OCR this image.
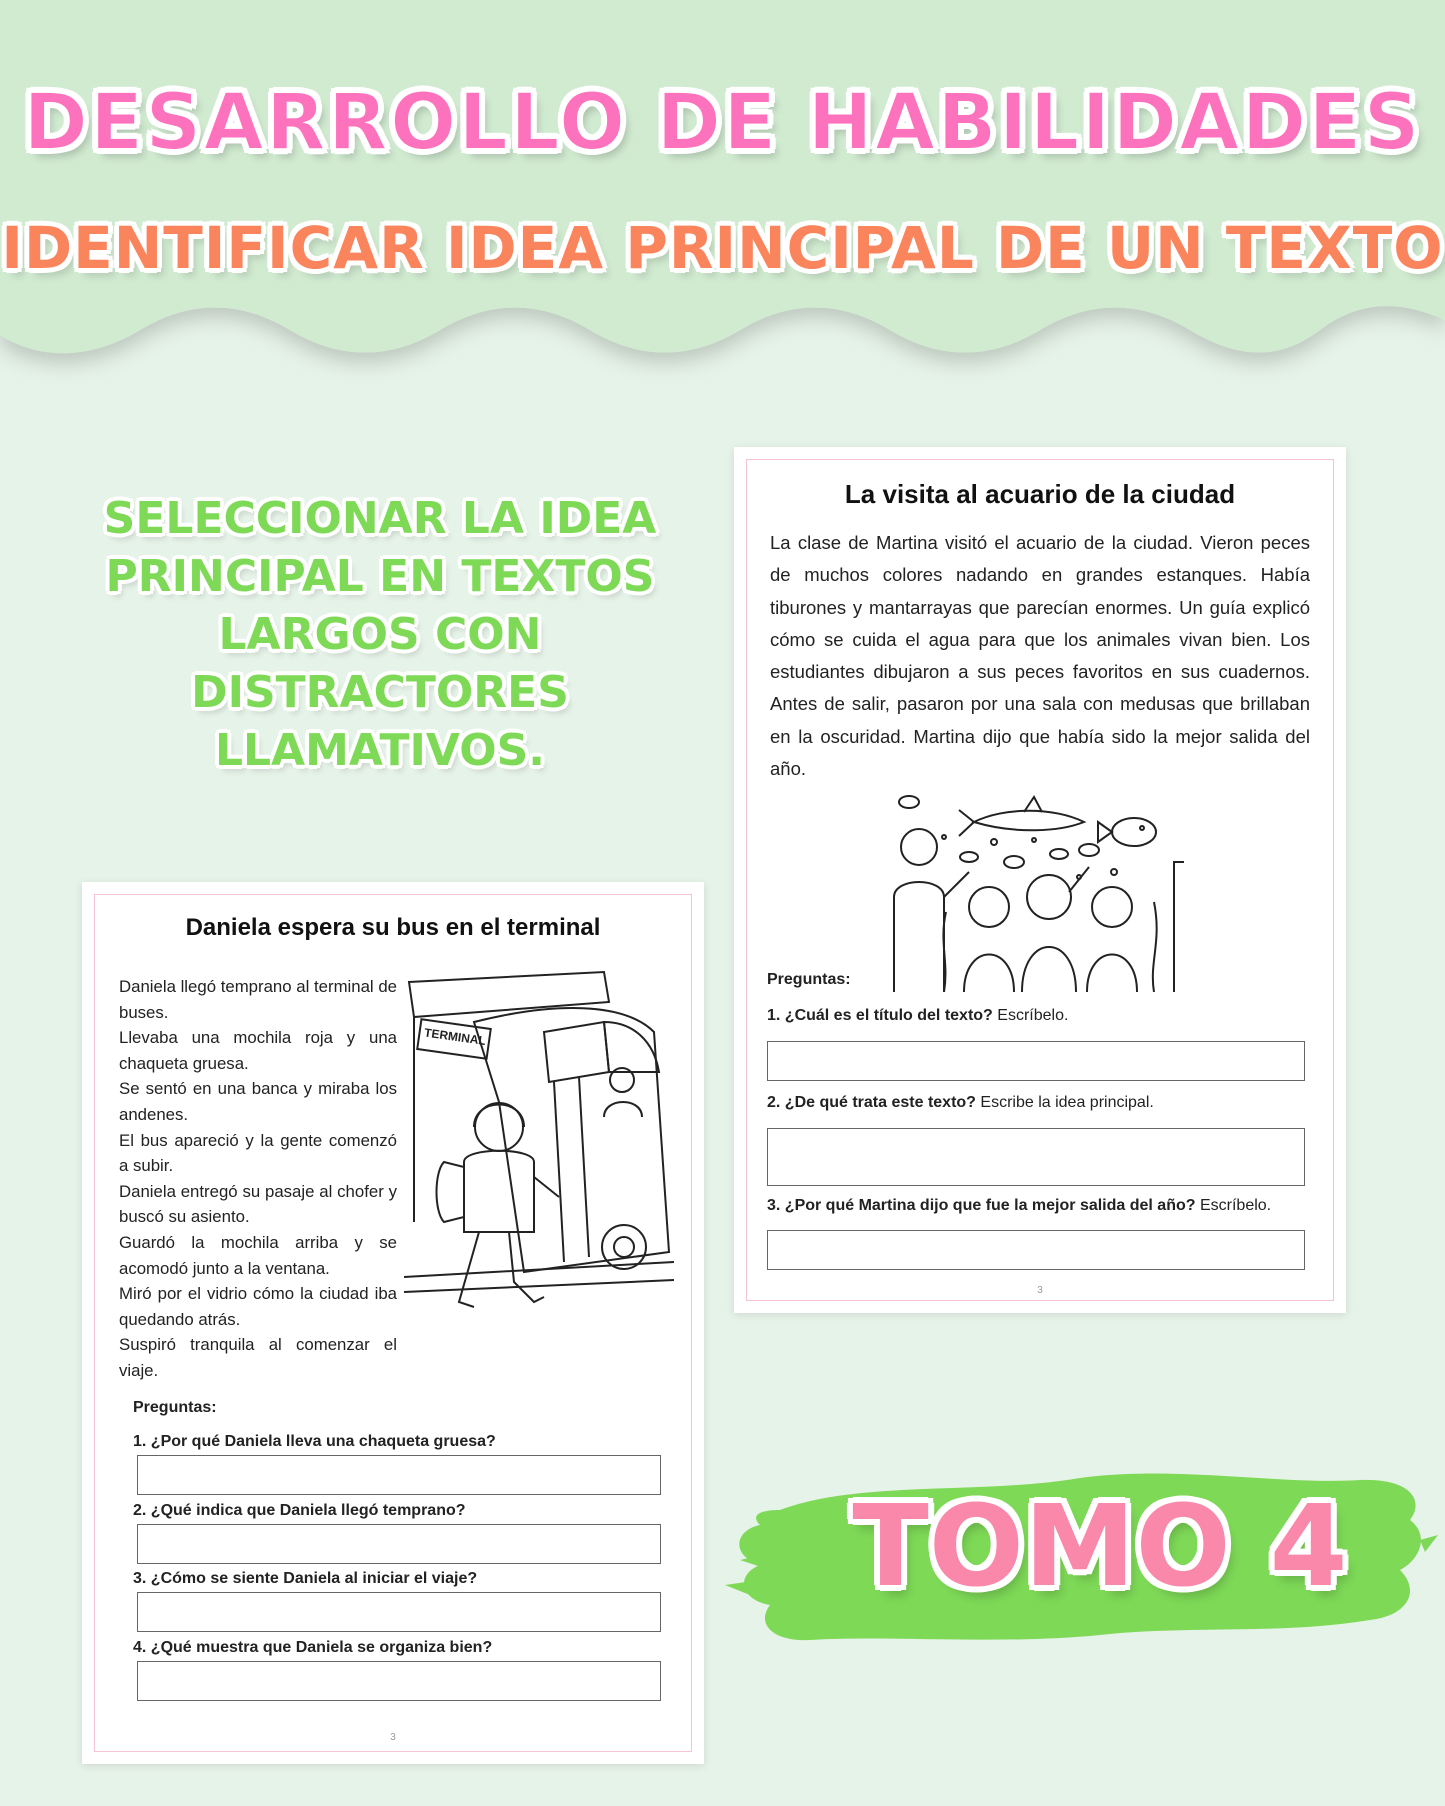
DESARROLLO DE HABILIDADES
IDENTIFICAR IDEA PRINCIPAL DE UN TEXTO
SELECCIONAR LA IDEA
PRINCIPAL EN TEXTOS
LARGOS CON DISTRACTORES
LLAMATIVOS.
La visita al acuario de la ciudad

La clase de Martina visitó el acuario de la ciudad. Vieron peces de muchos colores nadando en grandes estanques. Había tiburones y mantarrayas que parecían enormes. Un guía explicó cómo se cuida el agua para que los animales vivan bien. Los estudiantes dibujaron a sus peces favoritos en sus cuadernos. Antes de salir, pasaron por una sala con medusas que brillaban en la oscuridad. Martina dijo que había sido la mejor salida del año.

Preguntas:
1. ¿Cuál es el título del texto? Escríbelo.
2. ¿De qué trata este texto? Escribe la idea principal.
3. ¿Por qué Martina dijo que fue la mejor salida del año? Escríbelo.
3
Daniela espera su bus en el terminal

Daniela llegó temprano al terminal de buses.

Llevaba una mochila roja y una chaqueta gruesa.

Se sentó en una banca y miraba los andenes.

El bus apareció y la gente comenzó a subir.

Daniela entregó su pasaje al chofer y buscó su asiento.

Guardó la mochila arriba y se acomodó junto a la ventana.

Miró por el vidrio cómo la ciudad iba quedando atrás.

Suspiró tranquila al comenzar el viaje.

TERMINAL
Preguntas:
1. ¿Por qué Daniela lleva una chaqueta gruesa?
2. ¿Qué indica que Daniela llegó temprano?
3. ¿Cómo se siente Daniela al iniciar el viaje?
4. ¿Qué muestra que Daniela se organiza bien?
3
TOMO 4
